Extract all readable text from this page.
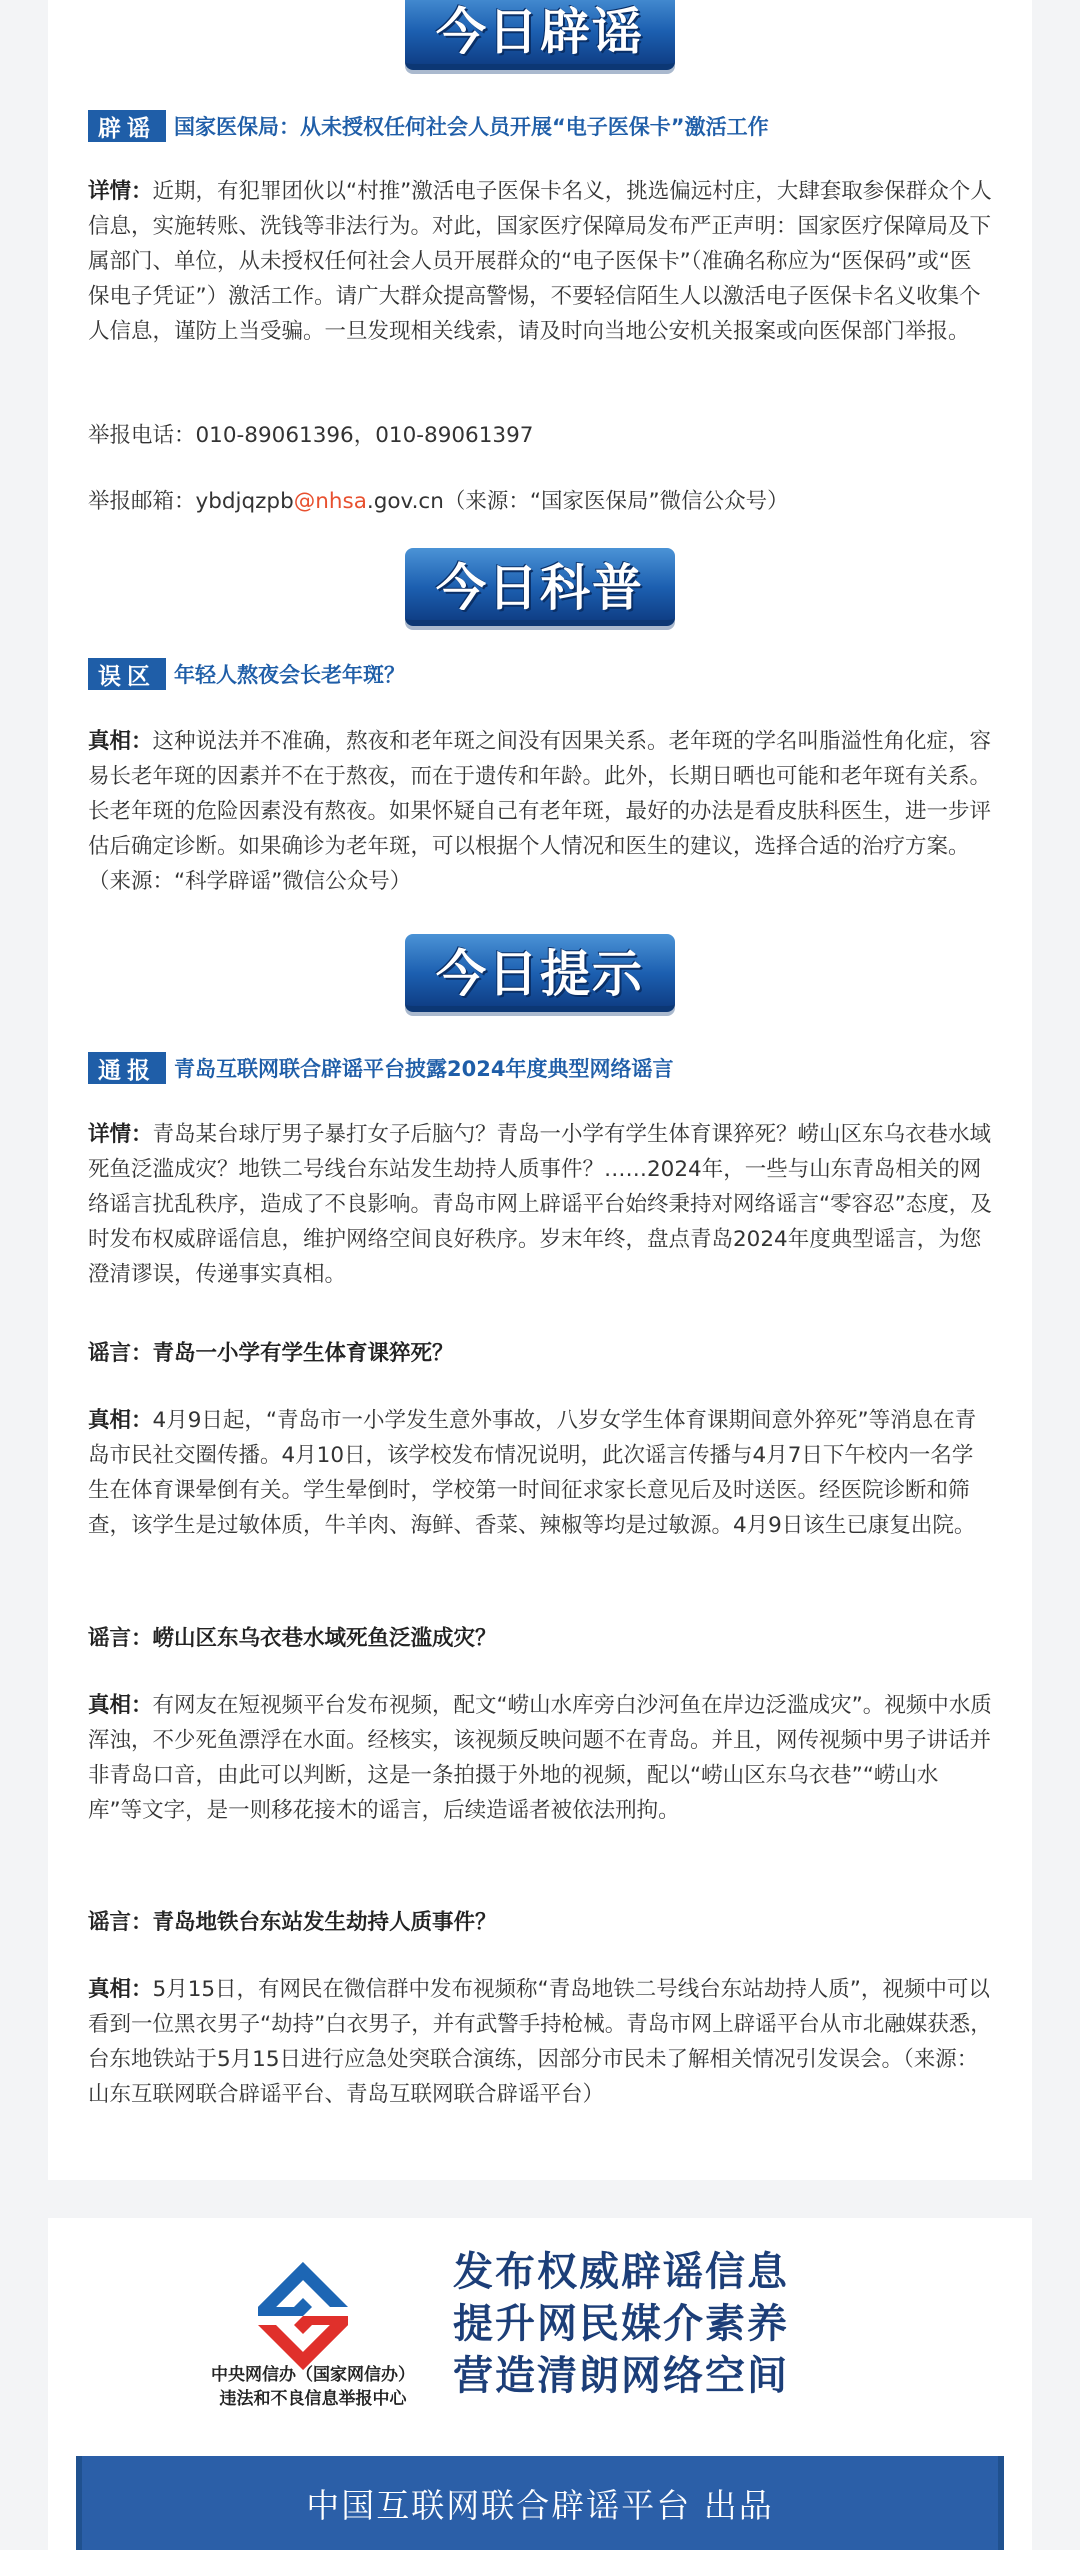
今日辟谣
辟谣 国家医保局：从未授权任何社会人员开展“电子医保卡”激活工作

详情：近期，有犯罪团伙以“村推”激活电子医保卡名义，挑选偏远村庄，大肆套取参保群众个人信息，实施转账、洗钱等非法行为。对此，国家医疗保障局发布严正声明：国家医疗保障局及下属部门、单位，从未授权任何社会人员开展群众的“电子医保卡”（准确名称应为“医保码”或“医保电子凭证”）激活工作。请广大群众提高警惕，不要轻信陌生人以激活电子医保卡名义收集个人信息，谨防上当受骗。一旦发现相关线索，请及时向当地公安机关报案或向医保部门举报。

举报电话：010-89061396，010-89061397

举报邮箱：ybdjqzpb@nhsa.gov.cn（来源：“国家医保局”微信公众号）

今日科普
误区 年轻人熬夜会长老年斑？

真相：这种说法并不准确，熬夜和老年斑之间没有因果关系。老年斑的学名叫脂溢性角化症，容易长老年斑的因素并不在于熬夜，而在于遗传和年龄。此外，长期日晒也可能和老年斑有关系。长老年斑的危险因素没有熬夜。如果怀疑自己有老年斑，最好的办法是看皮肤科医生，进一步评估后确定诊断。如果确诊为老年斑，可以根据个人情况和医生的建议，选择合适的治疗方案。（来源：“科学辟谣”微信公众号）

今日提示
通报 青岛互联网联合辟谣平台披露2024年度典型网络谣言

详情：青岛某台球厅男子暴打女子后脑勺？青岛一小学有学生体育课猝死？崂山区东乌衣巷水域死鱼泛滥成灾？地铁二号线台东站发生劫持人质事件？……2024年，一些与山东青岛相关的网络谣言扰乱秩序，造成了不良影响。青岛市网上辟谣平台始终秉持对网络谣言“零容忍”态度，及时发布权威辟谣信息，维护网络空间良好秩序。岁末年终，盘点青岛2024年度典型谣言，为您澄清谬误，传递事实真相。

谣言：青岛一小学有学生体育课猝死？

真相：4月9日起，“青岛市一小学发生意外事故，八岁女学生体育课期间意外猝死”等消息在青岛市民社交圈传播。4月10日，该学校发布情况说明，此次谣言传播与4月7日下午校内一名学生在体育课晕倒有关。学生晕倒时，学校第一时间征求家长意见后及时送医。经医院诊断和筛查，该学生是过敏体质，牛羊肉、海鲜、香菜、辣椒等均是过敏源。4月9日该生已康复出院。

谣言：崂山区东乌衣巷水域死鱼泛滥成灾？

真相：有网友在短视频平台发布视频，配文“崂山水库旁白沙河鱼在岸边泛滥成灾”。视频中水质浑浊，不少死鱼漂浮在水面。经核实，该视频反映问题不在青岛。并且，网传视频中男子讲话并非青岛口音，由此可以判断，这是一条拍摄于外地的视频，配以“崂山区东乌衣巷”“崂山水库”等文字，是一则移花接木的谣言，后续造谣者被依法刑拘。

谣言：青岛地铁台东站发生劫持人质事件？

真相：5月15日，有网民在微信群中发布视频称“青岛地铁二号线台东站劫持人质”，视频中可以看到一位黑衣男子“劫持”白衣男子，并有武警手持枪械。青岛市网上辟谣平台从市北融媒获悉，台东地铁站于5月15日进行应急处突联合演练，因部分市民未了解相关情况引发误会。（来源：山东互联网联合辟谣平台、青岛互联网联合辟谣平台）

中央网信办（国家网信办）
违法和不良信息举报中心
发布权威辟谣信息
提升网民媒介素养
营造清朗网络空间
中国互联网联合辟谣平台 出品
